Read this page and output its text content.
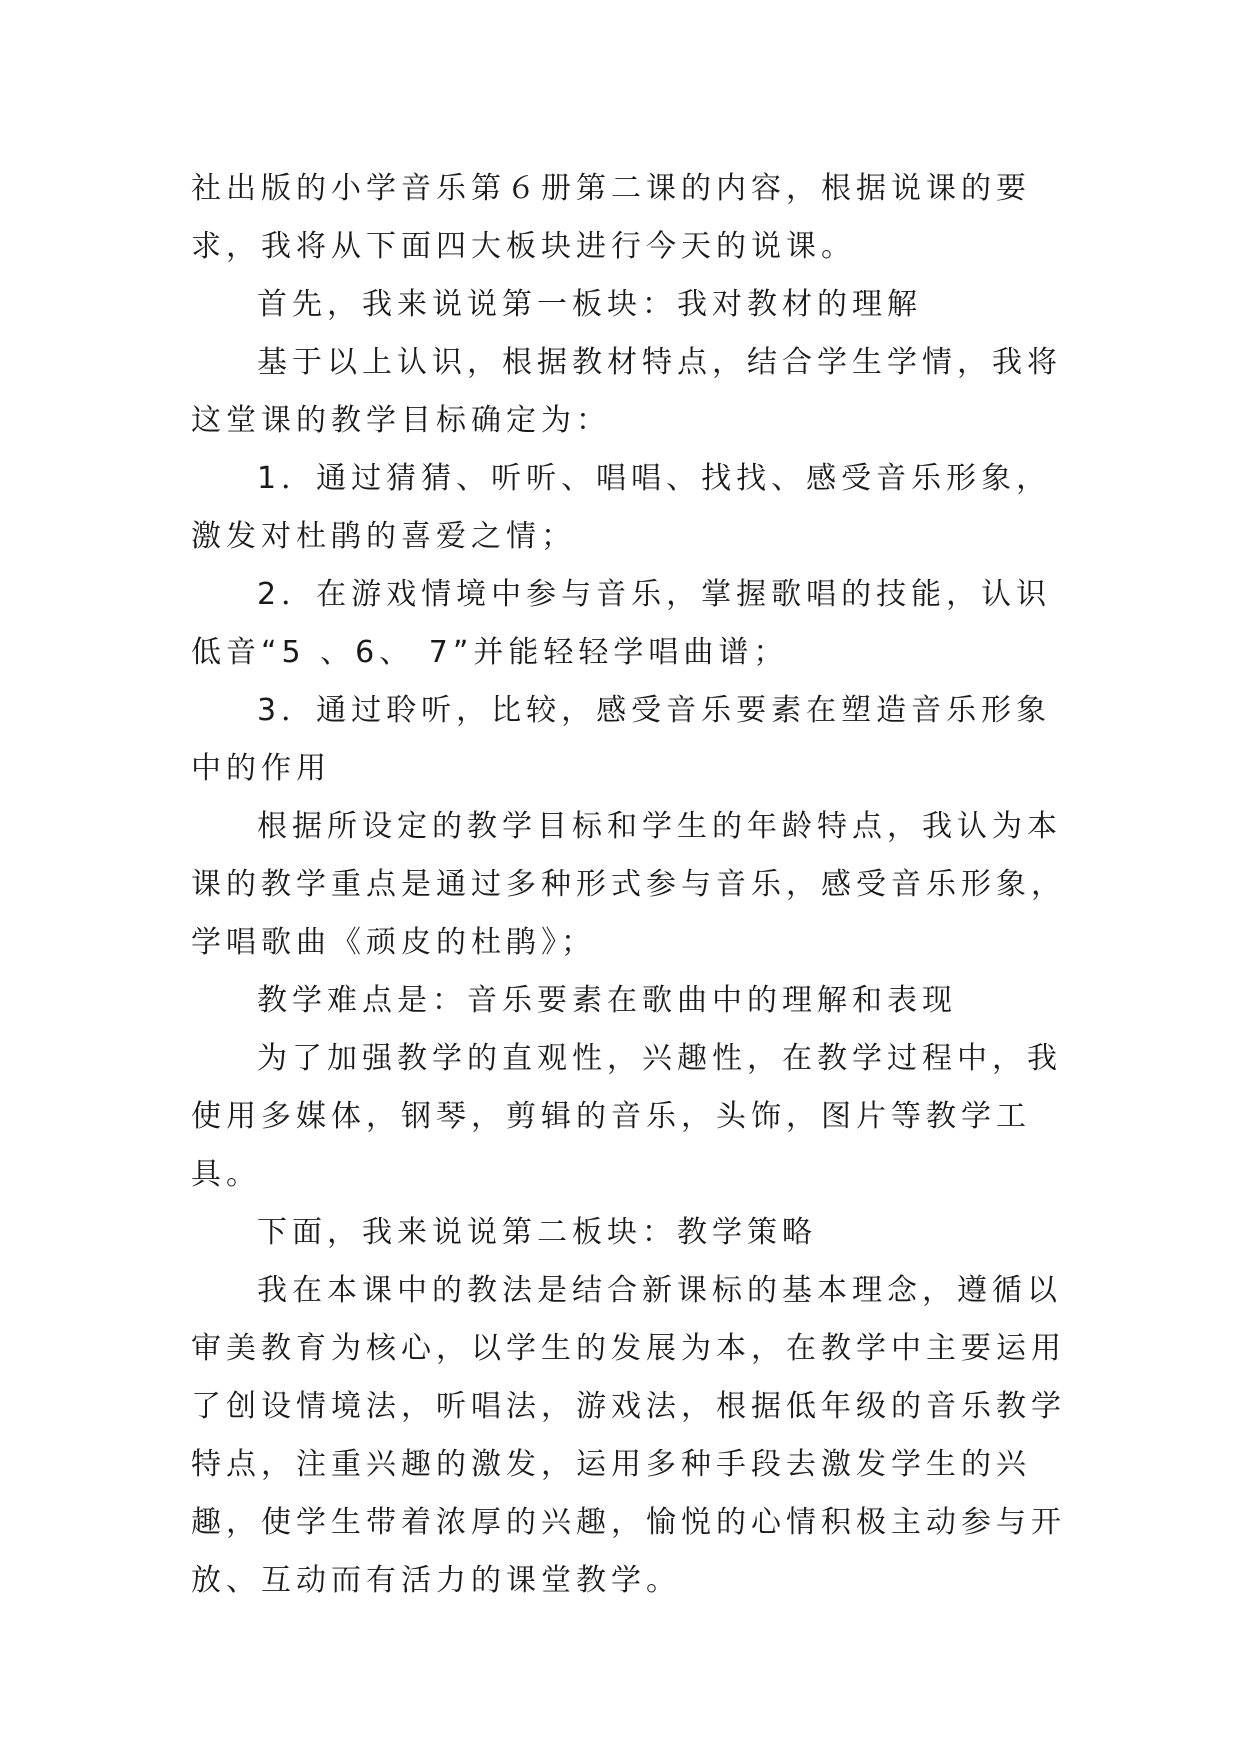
社出版的小学音乐第６册第二课的内容，根据说课的要求，我将从下面四大板块进行今天的说课。

首先，我来说说第一板块：我对教材的理解

基于以上认识，根据教材特点，结合学生学情，我将这堂课的教学目标确定为：

1．通过猜猜、听听、唱唱、找找、感受音乐形象，激发对杜鹃的喜爱之情；

2．在游戏情境中参与音乐，掌握歌唱的技能，认识低音“5 、6、 7”并能轻轻学唱曲谱；

3．通过聆听，比较，感受音乐要素在塑造音乐形象中的作用

根据所设定的教学目标和学生的年龄特点，我认为本课的教学重点是通过多种形式参与音乐，感受音乐形象，学唱歌曲《顽皮的杜鹃》；

教学难点是：音乐要素在歌曲中的理解和表现

为了加强教学的直观性，兴趣性，在教学过程中，我使用多媒体，钢琴，剪辑的音乐，头饰，图片等教学工具。

下面，我来说说第二板块：教学策略

我在本课中的教法是结合新课标的基本理念，遵循以审美教育为核心，以学生的发展为本，在教学中主要运用了创设情境法，听唱法，游戏法，根据低年级的音乐教学特点，注重兴趣的激发，运用多种手段去激发学生的兴趣，使学生带着浓厚的兴趣，愉悦的心情积极主动参与开放、互动而有活力的课堂教学。
